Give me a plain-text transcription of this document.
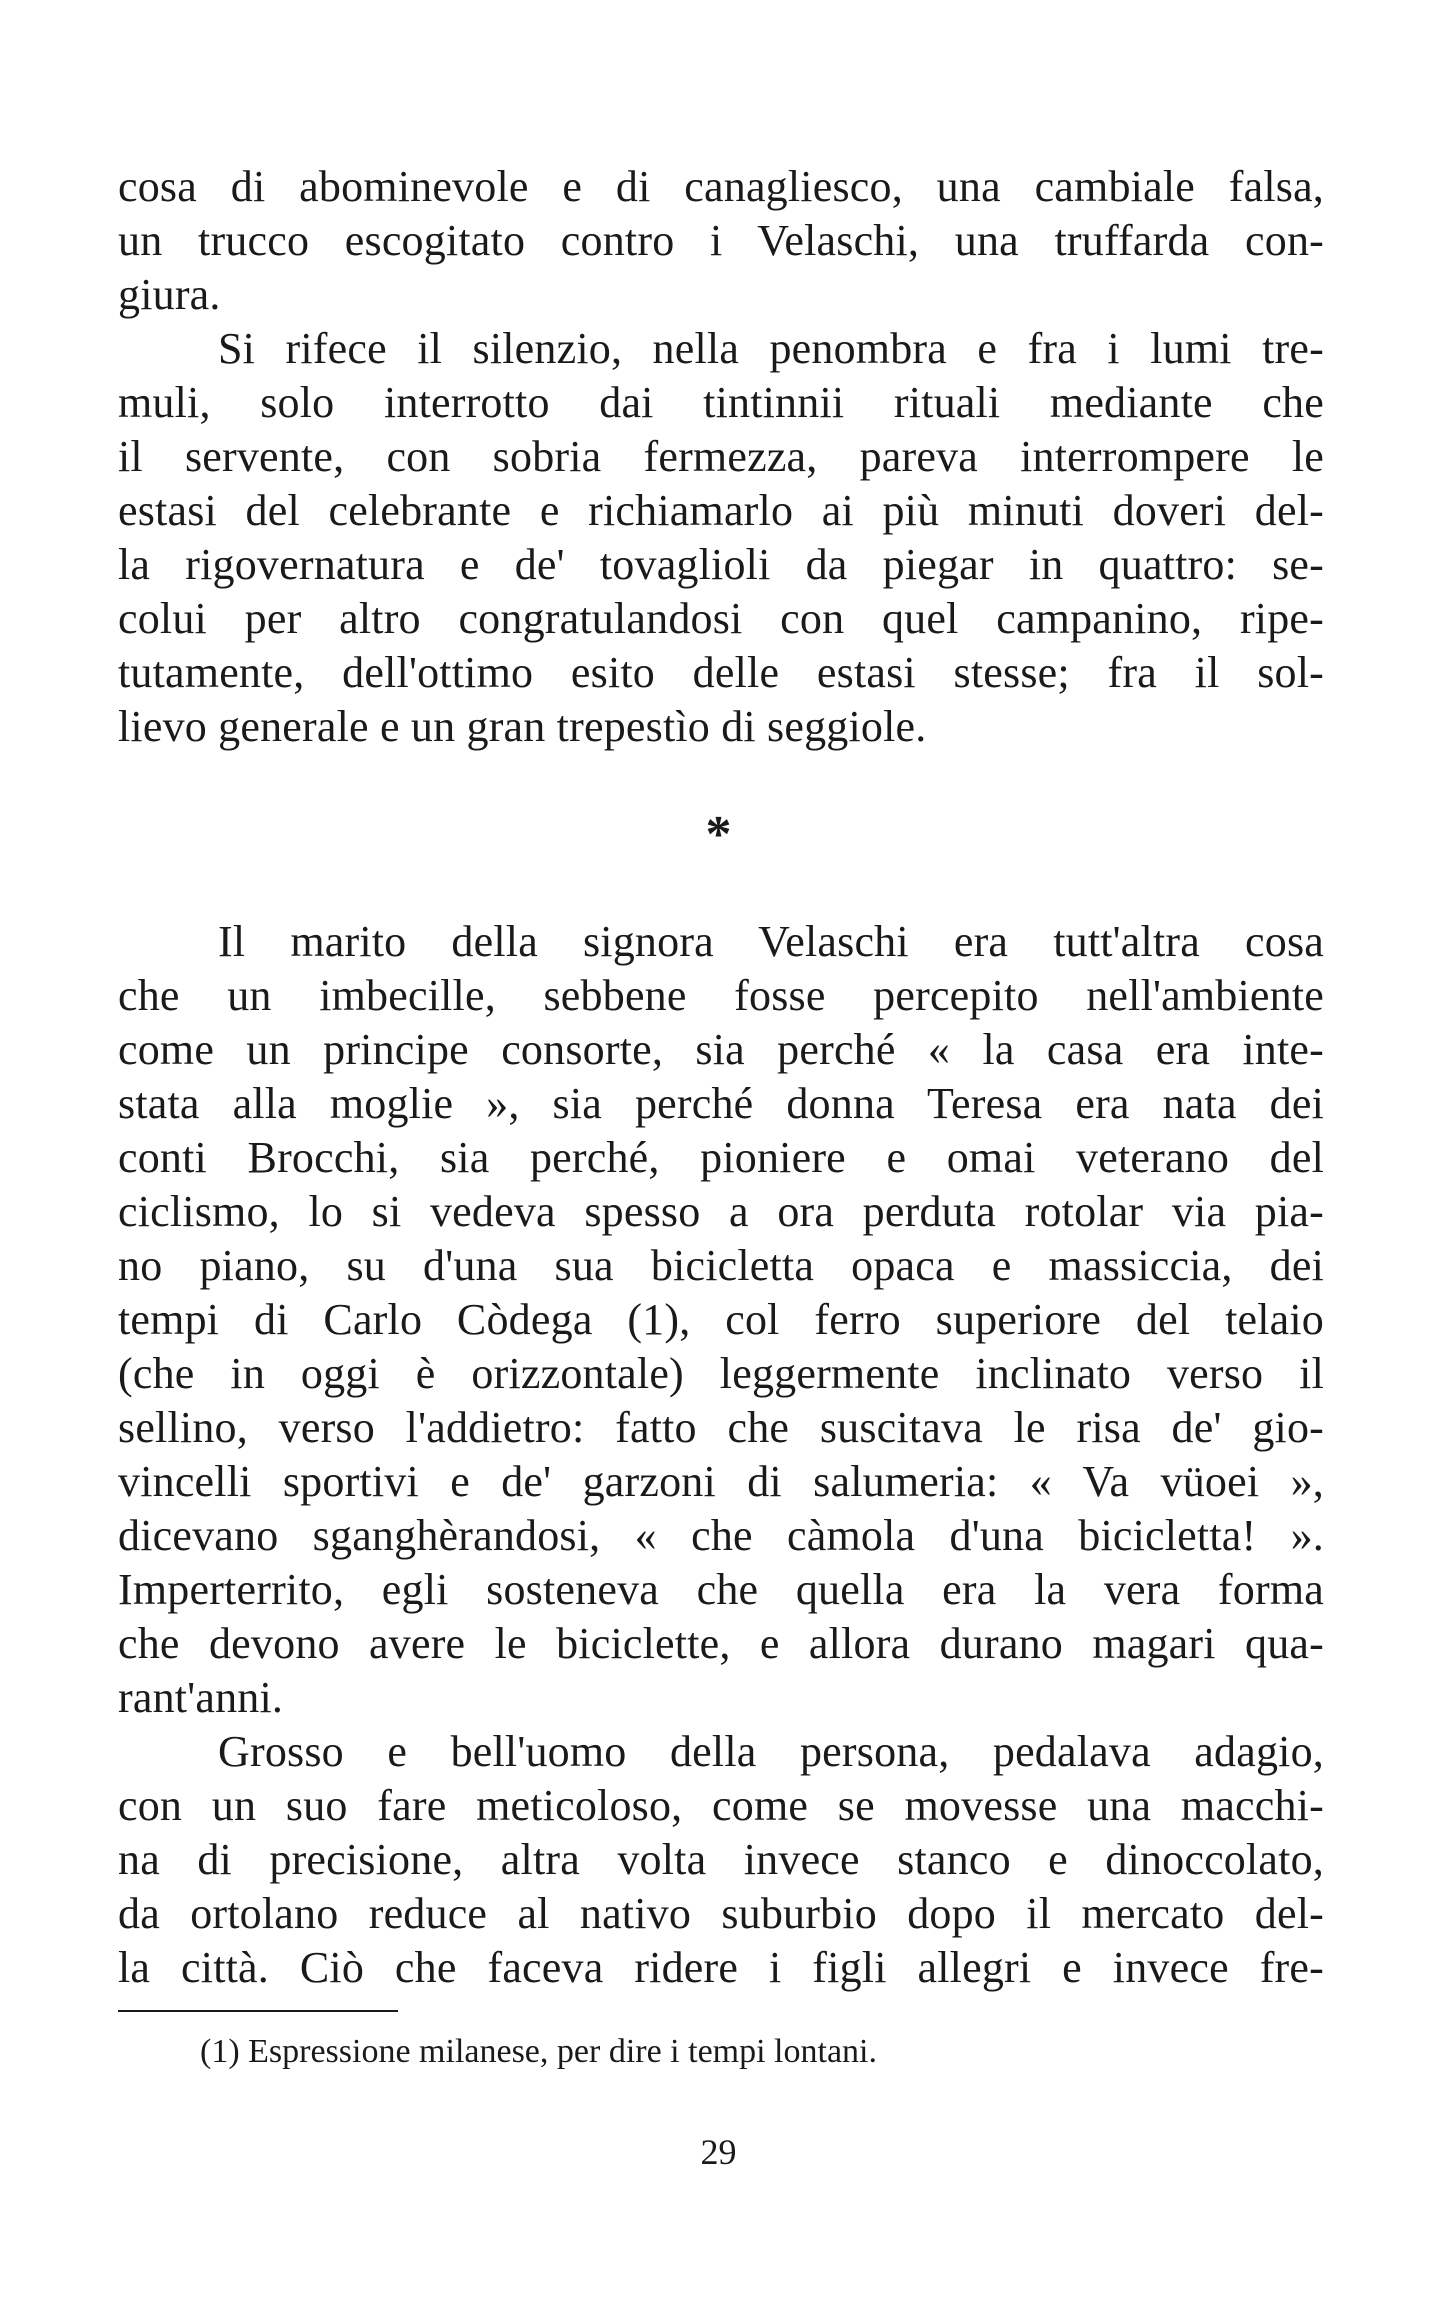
cosa di abominevole e di canagliesco, una cambiale falsa,
un trucco escogitato contro i Velaschi, una truffarda con-
giura.
Si rifece il silenzio, nella penombra e fra i lumi tre-
muli, solo interrotto dai tintinnii rituali mediante che
il servente, con sobria fermezza, pareva interrompere le
estasi del celebrante e richiamarlo ai più minuti doveri del-
la rigovernatura e de' tovaglioli da piegar in quattro: se-
colui per altro congratulandosi con quel campanino, ripe-
tutamente, dell'ottimo esito delle estasi stesse; fra il sol-
lievo generale e un gran trepestìo di seggiole.
*
Il marito della signora Velaschi era tutt'altra cosa
che un imbecille, sebbene fosse percepito nell'ambiente
come un principe consorte, sia perché « la casa era inte-
stata alla moglie », sia perché donna Teresa era nata dei
conti Brocchi, sia perché, pioniere e omai veterano del
ciclismo, lo si vedeva spesso a ora perduta rotolar via pia-
no piano, su d'una sua bicicletta opaca e massiccia, dei
tempi di Carlo Còdega (1), col ferro superiore del telaio
(che in oggi è orizzontale) leggermente inclinato verso il
sellino, verso l'addietro: fatto che suscitava le risa de' gio-
vincelli sportivi e de' garzoni di salumeria: « Va vüoei »,
dicevano sganghèrandosi, « che càmola d'una bicicletta! ».
Imperterrito, egli sosteneva che quella era la vera forma
che devono avere le biciclette, e allora durano magari qua-
rant'anni.
Grosso e bell'uomo della persona, pedalava adagio,
con un suo fare meticoloso, come se movesse una macchi-
na di precisione, altra volta invece stanco e dinoccolato,
da ortolano reduce al nativo suburbio dopo il mercato del-
la città. Ciò che faceva ridere i figli allegri e invece fre-
(1) Espressione milanese, per dire i tempi lontani.
29
